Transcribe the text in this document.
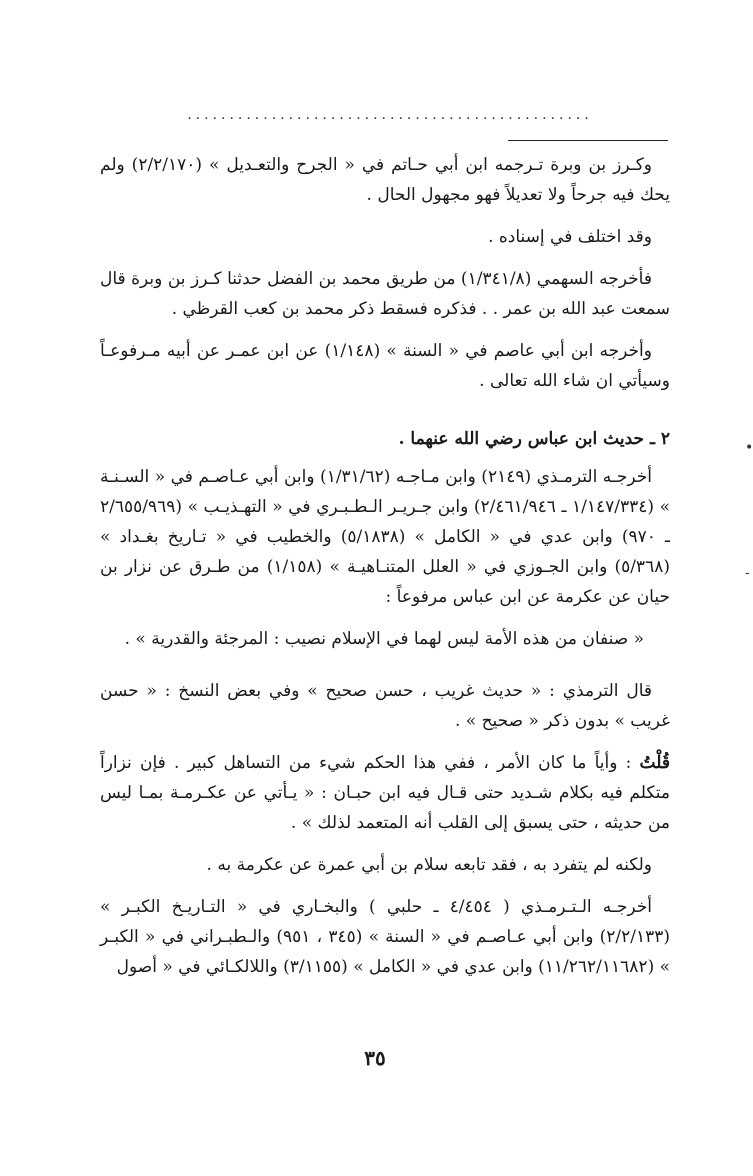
................................................
•
-

وكـرز بن وبرة تـرجمه ابن أبي حـاتم في « الجرح والتعـديل » (٢/٢/١٧٠) ولم يحك فيه جرحاً ولا تعديلاً فهو مجهول الحال .

وقد اختلف في إسناده .

فأخرجه السهمي (١/٣٤١/٨) من طريق محمد بن الفضل حدثنا كـرز بن وبرة قال سمعت عبد الله بن عمر . . فذكره فسقط ذكر محمد بن كعب القرظي .

وأخرجه ابن أبي عاصم في « السنة » (١/١٤٨) عن ابن عمـر عن أبيه مـرفوعـاً وسيأتي ان شاء الله تعالى .

٢ ـ حديث ابن عباس رضي الله عنهما .

أخرجـه الترمـذي (٢١٤٩) وابن مـاجـه (١/٣١/٦٢) وابن أبي عـاصـم في « السـنـة » (١/١٤٧/٣٣٤ ـ ٢/٤٦١/٩٤٦) وابن جـريـر الـطـبـري في « التهـذيـب » (٢/٦٥٥/٩٦٩ ـ ٩٧٠) وابن عدي في « الكامل » (٥/١٨٣٨) والخطيب في « تـاريخ بغـداد » (٥/٣٦٨) وابن الجـوزي في « العلل المتنـاهيـة » (١/١٥٨) من طـرق عن نزار بن حيان عن عكرمة عن ابن عباس مرفوعاً :

« صنفان من هذه الأمة ليس لهما في الإسلام نصيب : المرجئة والقدرية » .

قال الترمذي : « حديث غريب ، حسن صحيح » وفي بعض النسخ : « حسن غريب » بدون ذكر « صحيح » .

قُلْتُ : وأياً ما كان الأمر ، ففي هذا الحكم شيء من التساهل كبير . فإن نزاراً متكلم فيه بكلام شـديد حتى قـال فيه ابن حبـان : « يـأتي عن عكـرمـة بمـا ليس من حديثه ، حتى يسبق إلى القلب أنه المتعمد لذلك » .

ولكنه لم يتفرد به ، فقد تابعه سلام بن أبي عمرة عن عكرمة به .

أخرجـه الـتـرمـذي ( ٤/٤٥٤ ـ حلبي ) والبخـاري في « التـاريـخ الكبـر » (٢/٢/١٣٣) وابن أبي عـاصـم في « السنة » (٣٤٥ ، ٩٥١) والـطبـراني في « الكبـر » (١١/٢٦٢/١١٦٨٢) وابن عدي في « الكامل » (٣/١١٥٥) واللالكـائي في « أصول

٣٥
